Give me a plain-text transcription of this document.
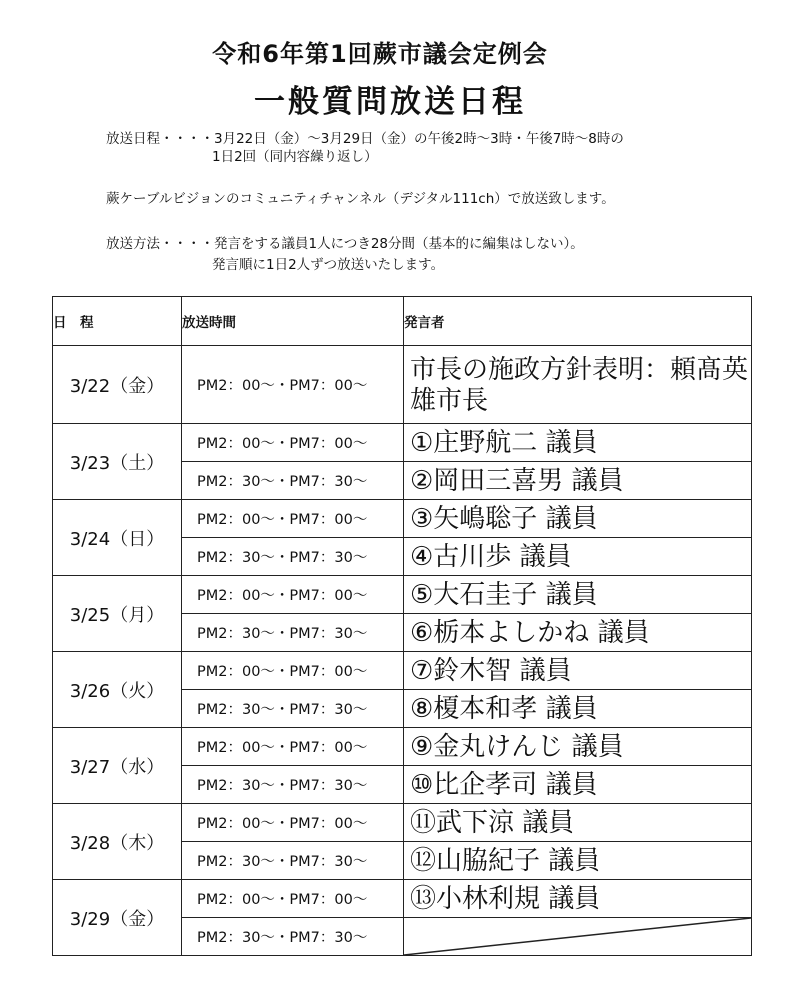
令和6年第1回蕨市議会定例会
一般質問放送日程
放送日程・・・・3月22日（金）～3月29日（金）の午後2時～3時・午後7時～8時の
1日2回（同内容繰り返し）
蕨ケーブルビジョンのコミュニティチャンネル（デジタル111ch）で放送致します。
放送方法・・・・発言をする議員1人につき28分間（基本的に編集はしない）。
発言順に1日2人ずつ放送いたします。
日　程	放送時間	発言者
3/22（金）	PM2：00～・PM7：00～	市長の施政方針表明：頼髙英雄市長
3/23（土）	PM2：00～・PM7：00～	①庄野航二 議員
	PM2：30～・PM7：30～	②岡田三喜男 議員
3/24（日）	PM2：00～・PM7：00～	③矢嶋聡子 議員
	PM2：30～・PM7：30～	④古川歩 議員
3/25（月）	PM2：00～・PM7：00～	⑤大石圭子 議員
	PM2：30～・PM7：30～	⑥栃本よしかね 議員
3/26（火）	PM2：00～・PM7：00～	⑦鈴木智 議員
	PM2：30～・PM7：30～	⑧榎本和孝 議員
3/27（水）	PM2：00～・PM7：00～	⑨金丸けんじ 議員
	PM2：30～・PM7：30～	⑩比企孝司 議員
3/28（木）	PM2：00～・PM7：00～	⑪武下涼 議員
	PM2：30～・PM7：30～	⑫山脇紀子 議員
3/29（金）	PM2：00～・PM7：00～	⑬小林利規 議員
	PM2：30～・PM7：30～	
